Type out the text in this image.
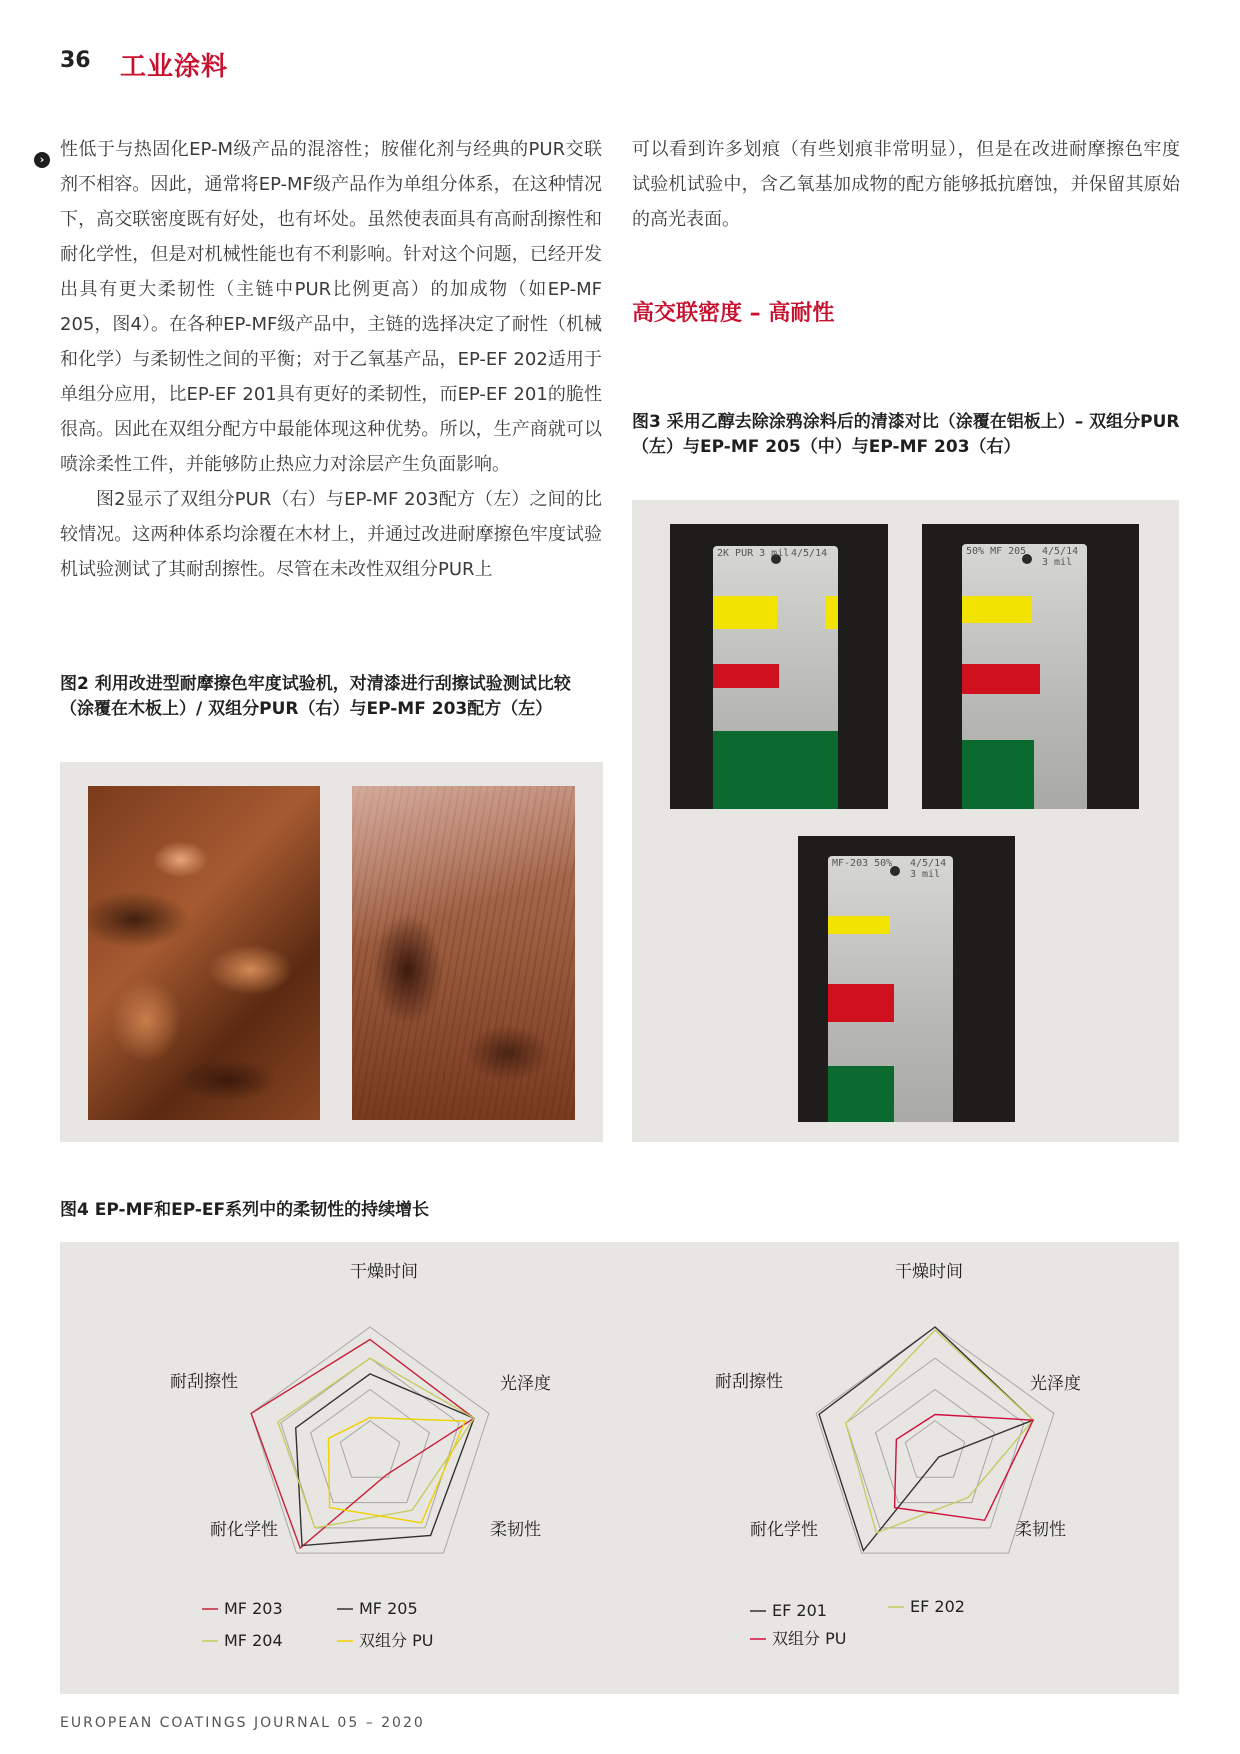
36 工业涂料
› 性低于与热固化EP-M级产品的混溶性；胺催化剂与经典的PUR交联剂不相容。因此，通常将EP-MF级产品作为单组分体系，在这种情况下，高交联密度既有好处，也有坏处。虽然使表面具有高耐刮擦性和耐化学性，但是对机械性能也有不利影响。针对这个问题，已经开发出具有更大柔韧性（主链中PUR比例更高）的加成物（如EP-MF 205，图4）。在各种EP-MF级产品中，主链的选择决定了耐性（机械和化学）与柔韧性之间的平衡；对于乙氧基产品，EP-EF 202适用于单组分应用，比EP-EF 201具有更好的柔韧性，而EP-EF 201的脆性很高。因此在双组分配方中最能体现这种优势。所以，生产商就可以喷涂柔性工件，并能够防止热应力对涂层产生负面影响。

图2显示了双组分PUR（右）与EP-MF 203配方（左）之间的比较情况。这两种体系均涂覆在木材上，并通过改进耐摩擦色牢度试验机试验测试了其耐刮擦性。尽管在未改性双组分PUR上

可以看到许多划痕（有些划痕非常明显），但是在改进耐摩擦色牢度试验机试验中，含乙氧基加成物的配方能够抵抗磨蚀，并保留其原始的高光表面。

高交联密度 – 高耐性
图2 利用改进型耐摩擦色牢度试验机，对清漆进行刮擦试验测试比较（涂覆在木板上）/ 双组分PUR（右）与EP-MF 203配方（左）
图3 采用乙醇去除涂鸦涂料后的清漆对比（涂覆在铝板上）– 双组分PUR（左）与EP-MF 205（中）与EP-MF 203（右）
2K PUR 3 mil 4/5/14	50% MF 205 4/5/14 3 mil
MF-203 50% 4/5/14 3 mil
图4 EP-MF和EP-EF系列中的柔韧性的持续增长
干燥时间
光泽度
柔韧性
耐化学性
耐刮擦性
MF 203	MF 205
MF 204	双组分 PU
干燥时间
光泽度
柔韧性
耐化学性
耐刮擦性
EF 201	EF 202
双组分 PU
EUROPEAN COATINGS JOURNAL 05 – 2020
